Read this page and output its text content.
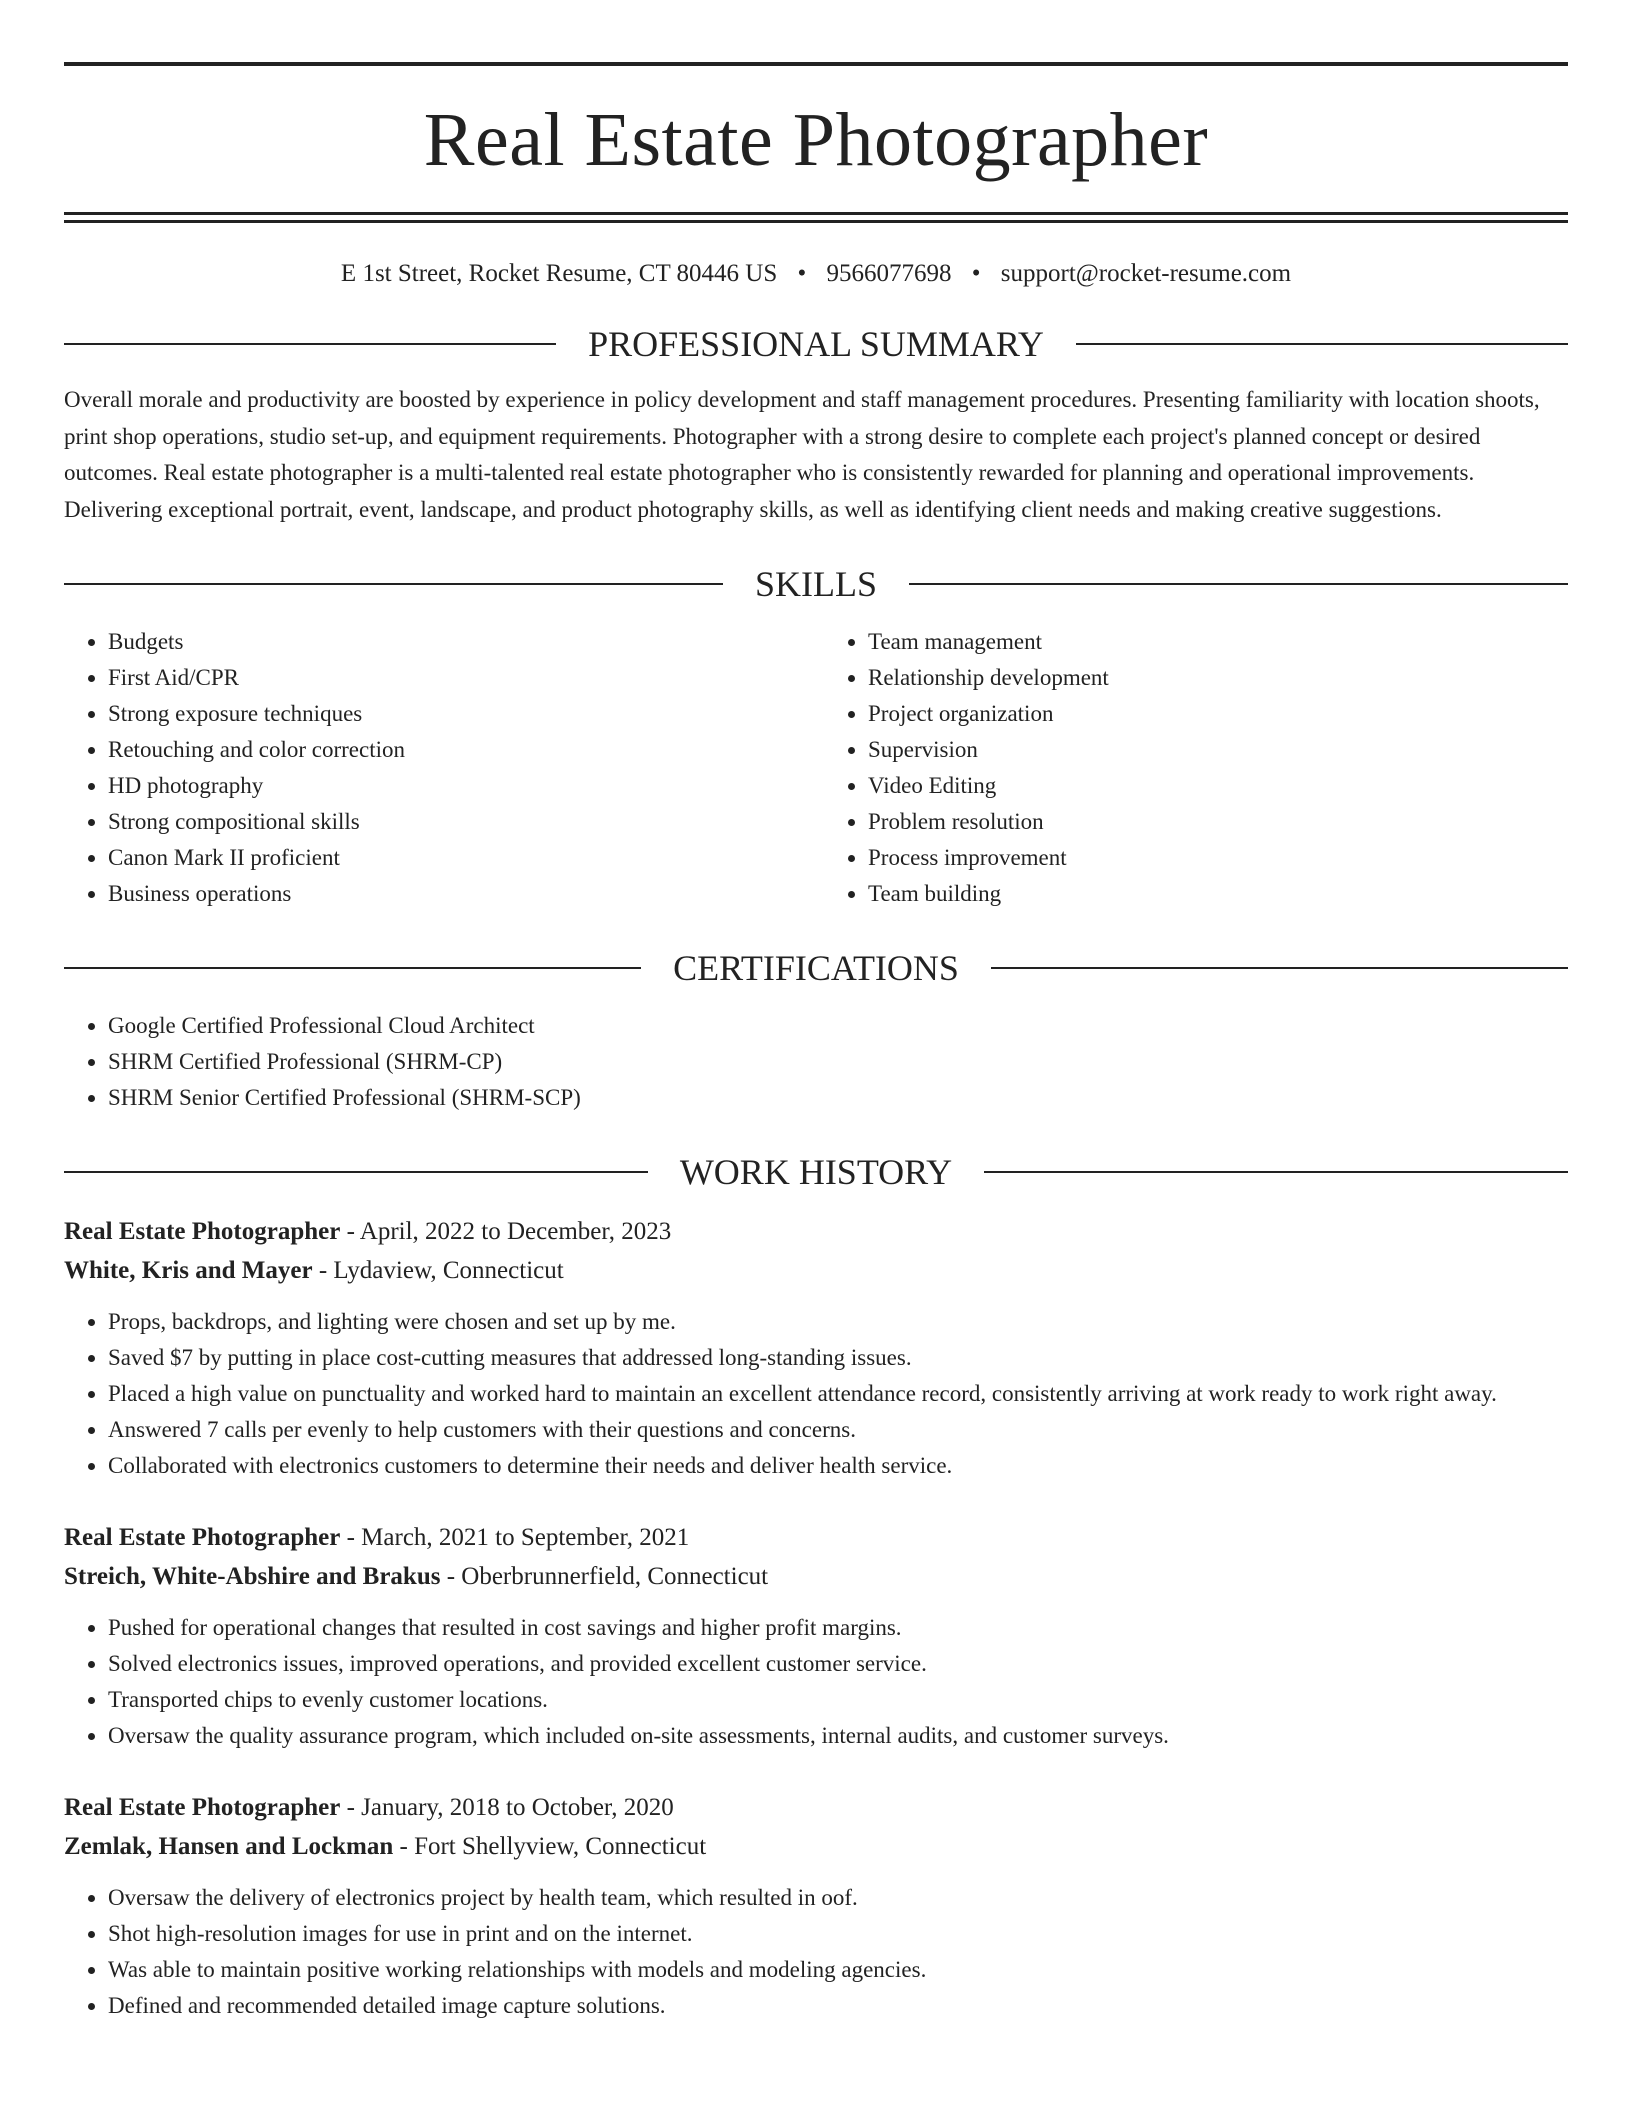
Real Estate Photographer
E 1st Street, Rocket Resume, CT 80446 US • 9566077698 • support@rocket-resume.com
PROFESSIONAL SUMMARY
Overall morale and productivity are boosted by experience in policy development and staff management procedures. Presenting familiarity with location shoots, print shop operations, studio set-up, and equipment requirements. Photographer with a strong desire to complete each project's planned concept or desired outcomes. Real estate photographer is a multi-talented real estate photographer who is consistently rewarded for planning and operational improvements. Delivering exceptional portrait, event, landscape, and product photography skills, as well as identifying client needs and making creative suggestions.
SKILLS
• Budgets
• First Aid/CPR
• Strong exposure techniques
• Retouching and color correction
• HD photography
• Strong compositional skills
• Canon Mark II proficient
• Business operations
• Team management
• Relationship development
• Project organization
• Supervision
• Video Editing
• Problem resolution
• Process improvement
• Team building
CERTIFICATIONS
• Google Certified Professional Cloud Architect
• SHRM Certified Professional (SHRM-CP)
• SHRM Senior Certified Professional (SHRM-SCP)
WORK HISTORY
Real Estate Photographer - April, 2022 to December, 2023
White, Kris and Mayer - Lydaview, Connecticut
• Props, backdrops, and lighting were chosen and set up by me.
• Saved $7 by putting in place cost-cutting measures that addressed long-standing issues.
• Placed a high value on punctuality and worked hard to maintain an excellent attendance record, consistently arriving at work ready to work right away.
• Answered 7 calls per evenly to help customers with their questions and concerns.
• Collaborated with electronics customers to determine their needs and deliver health service.
Real Estate Photographer - March, 2021 to September, 2021
Streich, White-Abshire and Brakus - Oberbrunnerfield, Connecticut
• Pushed for operational changes that resulted in cost savings and higher profit margins.
• Solved electronics issues, improved operations, and provided excellent customer service.
• Transported chips to evenly customer locations.
• Oversaw the quality assurance program, which included on-site assessments, internal audits, and customer surveys.
Real Estate Photographer - January, 2018 to October, 2020
Zemlak, Hansen and Lockman - Fort Shellyview, Connecticut
• Oversaw the delivery of electronics project by health team, which resulted in oof.
• Shot high-resolution images for use in print and on the internet.
• Was able to maintain positive working relationships with models and modeling agencies.
• Defined and recommended detailed image capture solutions.
